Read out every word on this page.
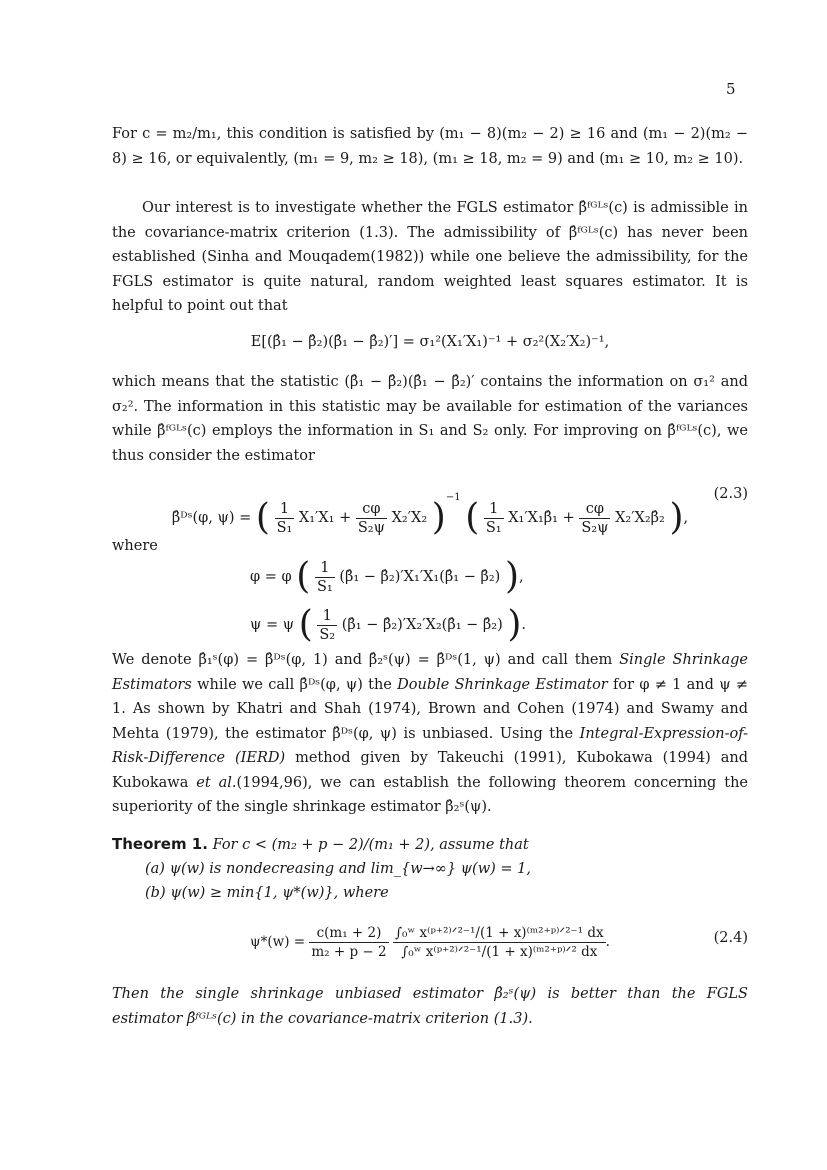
5
For c = m₂/m₁, this condition is satisfied by (m₁ − 8)(m₂ − 2) ≥ 16 and (m₁ − 2)(m₂ − 8) ≥ 16, or equivalently, (m₁ = 9, m₂ ≥ 18), (m₁ ≥ 18, m₂ = 9) and (m₁ ≥ 10, m₂ ≥ 10).
Our interest is to investigate whether the FGLS estimator β̂ᶠᴳᴸˢ(c) is admissible in the covariance-matrix criterion (1.3). The admissibility of β̂ᶠᴳᴸˢ(c) has never been established (Sinha and Mouqadem(1982)) while one believe the admissibility, for the FGLS estimator is quite natural, random weighted least squares estimator. It is helpful to point out that
E[(β̂₁ − β̂₂)(β̂₁ − β̂₂)′] = σ₁²(X₁′X₁)⁻¹ + σ₂²(X₂′X₂)⁻¹,
which means that the statistic (β̂₁ − β̂₂)(β̂₁ − β̂₂)′ contains the information on σ₁² and σ₂². The information in this statistic may be available for estimation of the variances while β̂ᶠᴳᴸˢ(c) employs the information in S₁ and S₂ only. For improving on β̂ᶠᴳᴸˢ(c), we thus consider the estimator
β̂ᴰˢ(φ, ψ) = ( $\frac{1}{\text{S₁}} X_1'X_1 + \frac{c\varphi}{\text{S₂ψ}} X_2'X_2$ )$^{-1}$ ( $\frac{1}{\text{S₁}}$ X₁′X₁β̂₁ + $\frac{c\varphi}{\text{S₂ψ}}$ X₂′X₂β̂₂ ),
(2.3)
where
φ = φ ( $\frac{1}{\text{S₁}}$ (β̂₁ − β̂₂)′X₁′X₁(β̂₁ − β̂₂) ),
ψ = ψ ( $\frac{1}{\text{S₂}}$ (β̂₁ − β̂₂)′X₂′X₂(β̂₁ − β̂₂) ).
We denote β̂₁ˢ(φ) = β̂ᴰˢ(φ, 1) and β̂₂ˢ(ψ) = β̂ᴰˢ(1, ψ) and call them Single Shrinkage Estimators while we call β̂ᴰˢ(φ, ψ) the Double Shrinkage Estimator for φ ≠ 1 and ψ ≠ 1. As shown by Khatri and Shah (1974), Brown and Cohen (1974) and Swamy and Mehta (1979), the estimator β̂ᴰˢ(φ, ψ) is unbiased. Using the Integral-Expression-of-Risk-Difference (IERD) method given by Takeuchi (1991), Kubokawa (1994) and Kubokawa et al.(1994,96), we can establish the following theorem concerning the superiority of the single shrinkage estimator β̂₂ˢ(ψ).
Theorem 1. For c < (m₂ + p − 2)/(m₁ + 2), assume that
(a) ψ(w) is nondecreasing and lim_{w→∞} ψ(w) = 1,
(b) ψ(w) ≥ min{1, ψ*(w)}, where
$\psi*(w) = \frac{\text{c(m₁ + 2)}}{\text{m₂ + p − 2}}$
$\frac{\text{∫₀ʷ x⁽ᵖ⁺²⁾ᐟ²⁻¹/(1 + x)⁽ᵐ²⁺ᵖ⁾ᐟ²⁻¹ dx}}{\text{∫₀ʷ x⁽ᵖ⁺²⁾ᐟ²⁻¹/(1 + x)⁽ᵐ²⁺ᵖ⁾ᐟ² dx}}$ .	(2.4)
Then the single shrinkage unbiased estimator β̂₂ˢ(ψ) is better than the FGLS estimator β̂ᶠᴳᴸˢ(c) in the covariance-matrix criterion (1.3).
